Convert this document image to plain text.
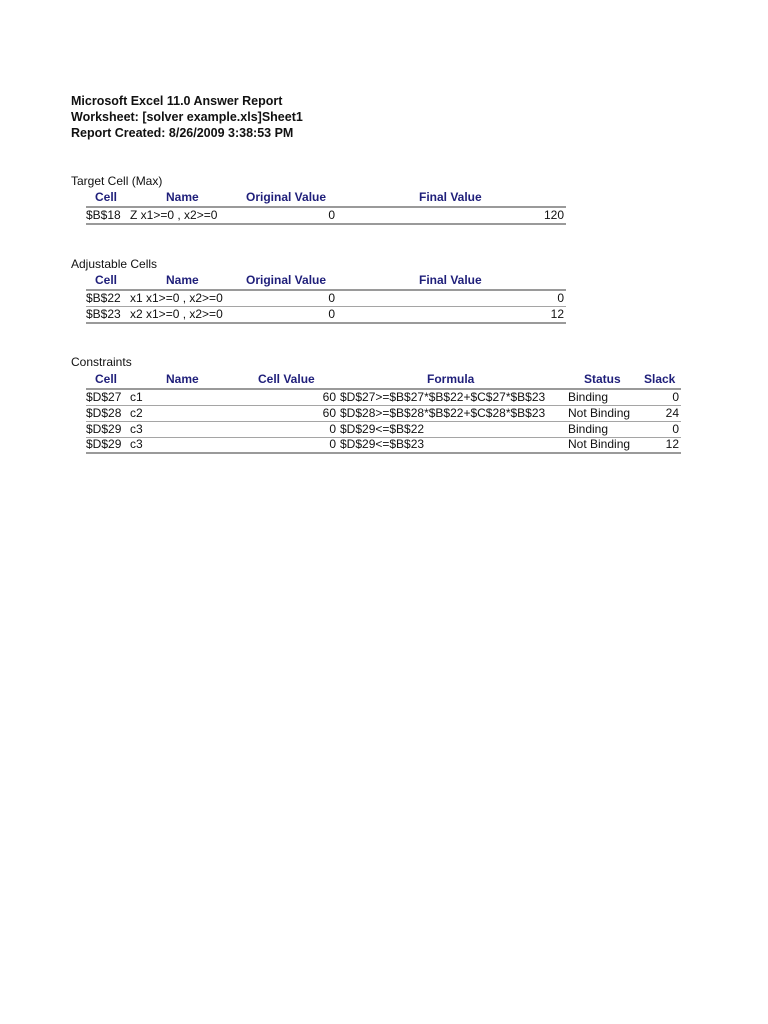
Microsoft Excel 11.0 Answer Report
Worksheet: [solver example.xls]Sheet1
Report Created: 8/26/2009 3:38:53 PM
Target Cell (Max)
Cell	Name	Original Value	Final Value
$B$18 Z x1>=0 , x2>=0	0	120
Adjustable Cells
Cell	Name	Original Value	Final Value
$B$22 x1 x1>=0 , x2>=0	0	0
$B$23 x2 x1>=0 , x2>=0	0	12
Constraints
Cell	Name	Cell Value	Formula	Status Slack
$D$27 c1	60 $D$27>=$B$27*$B$22+$C$27*$B$23 Binding	0
$D$28 c2	60 $D$28>=$B$28*$B$22+$C$28*$B$23 Not Binding	24
$D$29 c3	0 $D$29<=$B$22	Binding	0
$D$29 c3	0 $D$29<=$B$23	Not Binding	12
